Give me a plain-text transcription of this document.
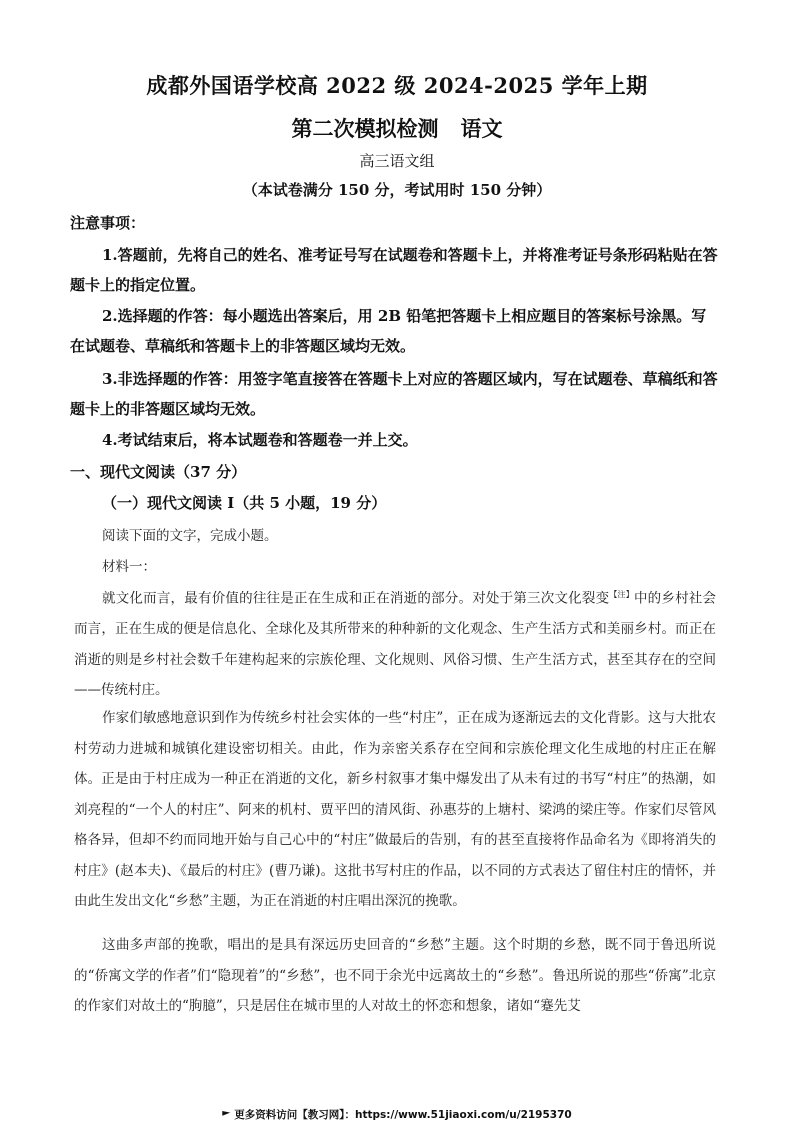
成都外国语学校高 2022 级 2024-2025 学年上期
第二次模拟检测 语文
高三语文组
（本试卷满分 150 分，考试用时 150 分钟）
注意事项：

1.答题前，先将自己的姓名、准考证号写在试题卷和答题卡上，并将准考证号条形码粘贴在答题卡上的指定位置。

2.选择题的作答：每小题选出答案后，用 2B 铅笔把答题卡上相应题目的答案标号涂黑。写在试题卷、草稿纸和答题卡上的非答题区域均无效。

3.非选择题的作答：用签字笔直接答在答题卡上对应的答题区域内，写在试题卷、草稿纸和答题卡上的非答题区域均无效。

4.考试结束后，将本试题卷和答题卷一并上交。

一、现代文阅读（37 分）
（一）现代文阅读 I（共 5 小题，19 分）
阅读下面的文字，完成小题。
材料一：

就文化而言，最有价值的往往是正在生成和正在消逝的部分。对处于第三次文化裂变$^{【注】}$中的乡村社会而言，正在生成的便是信息化、全球化及其所带来的种种新的文化观念、生产生活方式和美丽乡村。而正在消逝的则是乡村社会数千年建构起来的宗族伦理、文化规则、风俗习惯、生产生活方式，甚至其存在的空间——传统村庄。

作家们敏感地意识到作为传统乡村社会实体的一些“村庄”，正在成为逐渐远去的文化背影。这与大批农村劳动力进城和城镇化建设密切相关。由此，作为亲密关系存在空间和宗族伦理文化生成地的村庄正在解体。正是由于村庄成为一种正在消逝的文化，新乡村叙事才集中爆发出了从未有过的书写“村庄”的热潮，如刘亮程的“一个人的村庄”、阿来的机村、贾平凹的清风街、孙惠芬的上塘村、梁鸿的梁庄等。作家们尽管风格各异，但却不约而同地开始与自己心中的“村庄”做最后的告别，有的甚至直接将作品命名为《即将消失的村庄》(赵本夫)、《最后的村庄》(曹乃谦)。这批书写村庄的作品，以不同的方式表达了留住村庄的情怀，并由此生发出文化“乡愁”主题，为正在消逝的村庄唱出深沉的挽歌。

这曲多声部的挽歌，唱出的是具有深远历史回音的“乡愁”主题。这个时期的乡愁，既不同于鲁迅所说的“侨寓文学的作者”们“隐现着”的“乡愁”，也不同于余光中远离故土的“乡愁”。鲁迅所说的那些“侨寓”北京的作家们对故土的“朐臆”，只是居住在城市里的人对故土的怀恋和想象，诸如“蹇先艾

更多资料访问【教习网】：https://www.51jiaoxi.com/u/2195370
